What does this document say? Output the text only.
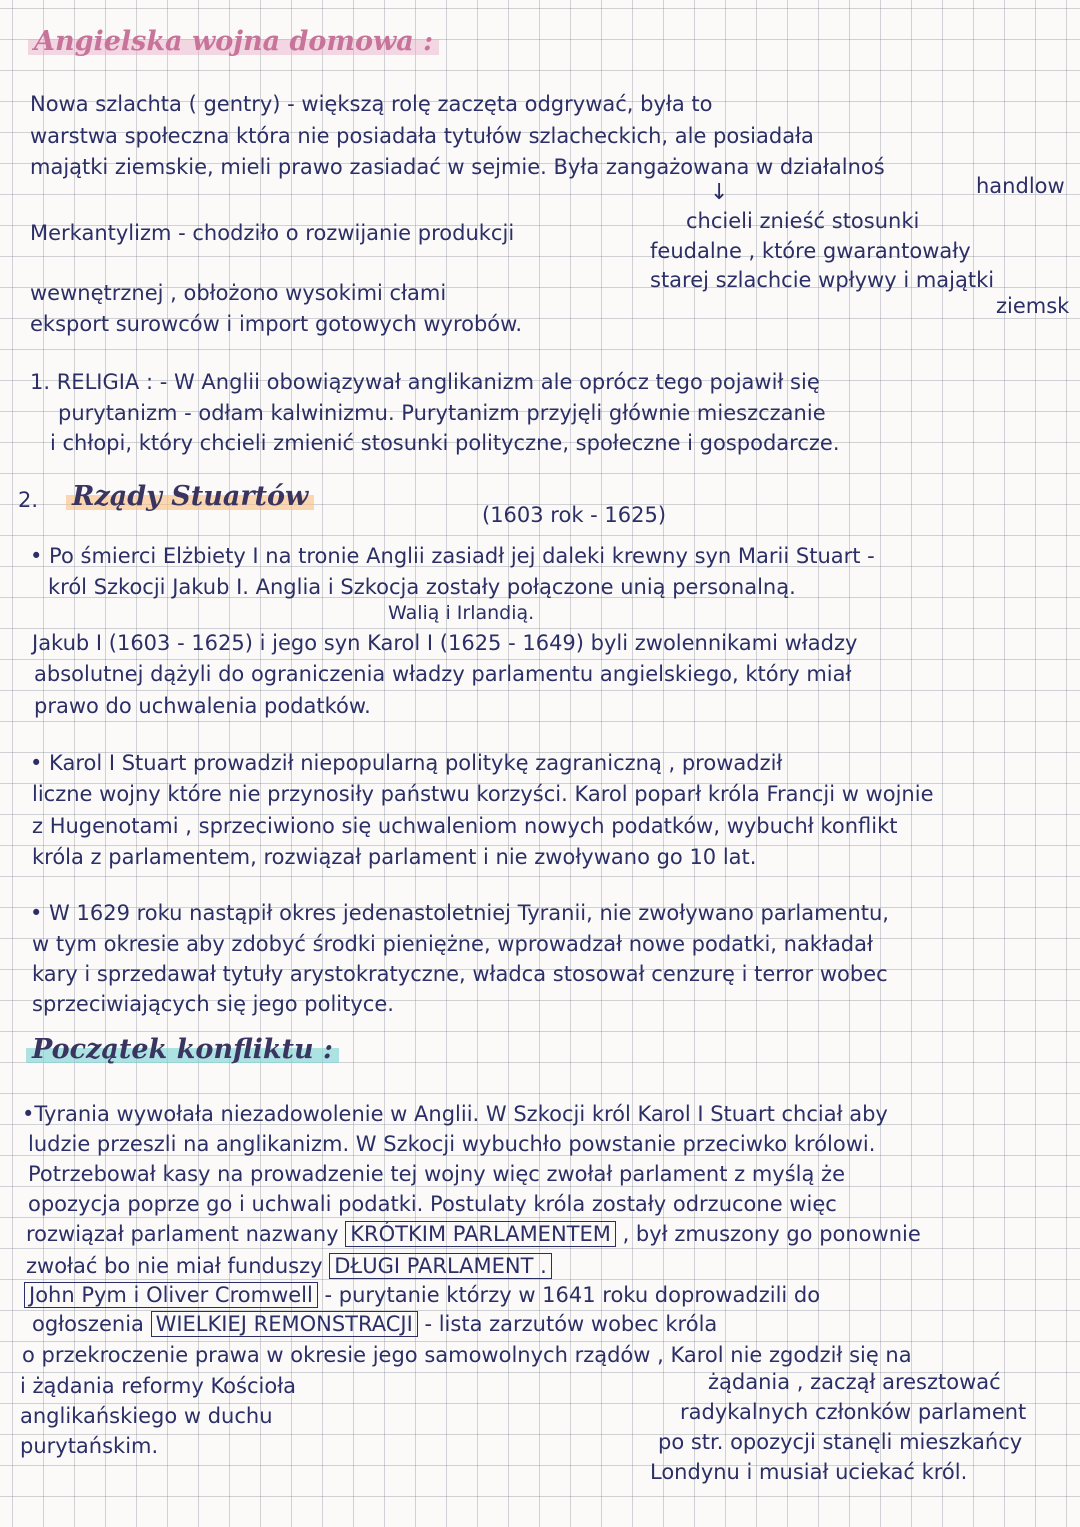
Angielska wojna domowa :
Nowa szlachta ( gentry) - większą rolę zaczęta odgrywać, była to
warstwa społeczna która nie posiadała tytułów szlacheckich, ale posiadała
majątki ziemskie, mieli prawo zasiadać w sejmie. Była zangażowana w działalnoś
handlow
Merkantylizm - chodziło o rozwijanie produkcji
wewnętrznej , obłożono wysokimi cłami
eksport surowców i import gotowych wyrobów.
↓
chcieli znieść stosunki
feudalne , które gwarantowały
starej szlachcie wpływy i majątki
ziemsk
1. RELIGIA : - W Anglii obowiązywał anglikanizm ale oprócz tego pojawił się
purytanizm - odłam kalwinizmu. Purytanizm przyjęli głównie mieszczanie
i chłopi, który chcieli zmienić stosunki polityczne, społeczne i gospodarcze.
2. Rządy Stuartów
(1603 rok - 1625)
• Po śmierci Elżbiety I na tronie Anglii zasiadł jej daleki krewny syn Marii Stuart -
król Szkocji Jakub I. Anglia i Szkocja zostały połączone unią personalną.
Walią i Irlandią.
Jakub I (1603 - 1625) i jego syn Karol I (1625 - 1649) byli zwolennikami władzy
absolutnej dążyli do ograniczenia władzy parlamentu angielskiego, który miał
prawo do uchwalenia podatków.
• Karol I Stuart prowadził niepopularną politykę zagraniczną , prowadził
liczne wojny które nie przynosiły państwu korzyści. Karol poparł króla Francji w wojnie
z Hugenotami , sprzeciwiono się uchwaleniom nowych podatków, wybuchł konflikt
króla z parlamentem, rozwiązał parlament i nie zwoływano go 10 lat.
• W 1629 roku nastąpił okres jedenastoletniej Tyranii, nie zwoływano parlamentu,
w tym okresie aby zdobyć środki pieniężne, wprowadzał nowe podatki, nakładał
kary i sprzedawał tytuły arystokratyczne, władca stosował cenzurę i terror wobec
sprzeciwiających się jego polityce.
Początek konfliktu :
•Tyrania wywołała niezadowolenie w Anglii. W Szkocji król Karol I Stuart chciał aby
ludzie przeszli na anglikanizm. W Szkocji wybuchło powstanie przeciwko królowi.
Potrzebował kasy na prowadzenie tej wojny więc zwołał parlament z myślą że
opozycja poprze go i uchwali podatki. Postulaty króla zostały odrzucone więc
rozwiązał parlament nazwany KRÓTKIM PARLAMENTEM , był zmuszony go ponownie
zwołać bo nie miał funduszy DŁUGI PARLAMENT .
John Pym i Oliver Cromwell - purytanie którzy w 1641 roku doprowadzili do
ogłoszenia WIELKIEJ REMONSTRACJI - lista zarzutów wobec króla
o przekroczenie prawa w okresie jego samowolnych rządów , Karol nie zgodził się na
i żądania reformy Kościoła	żądania , zaczął aresztować
anglikańskiego w duchu	radykalnych członków parlament
purytańskim.	po str. opozycji stanęli mieszkańcy
Londynu i musiał uciekać król.
